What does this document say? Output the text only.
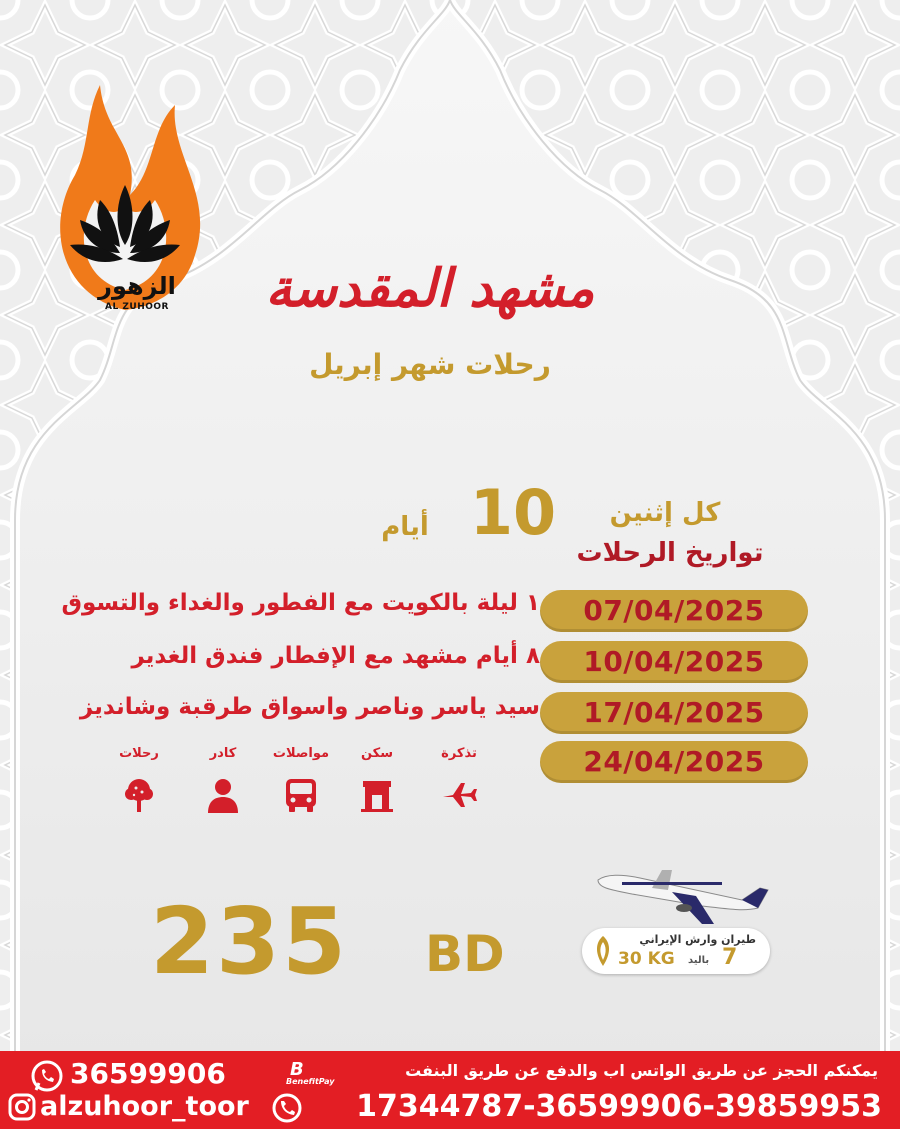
الزهور
AL ZUHOOR	مشهد المقدسة
رحلات شهر إبريل
10
أيام	كل إثنين
تواريخ الرحلات
١ ليلة بالكويت مع الفطور والغداء والتسوق
٨ أيام مشهد مع الإفطار فندق الغدير
سيد ياسر وناصر واسواق طرقبة وشانديز
07/04/2025
10/04/2025
17/04/2025
24/04/2025
تذكرة
سكن
مواصلات
كادر
رحلات
طيران وارش الإيراني
30 KG باليد 7
235	BD
يمكنكم الحجز عن طريق الواتس اب والدفع عن طريق البنفت
17344787-36599906-39859953
36599906	B
BenefitPay
alzuhoor_toor
